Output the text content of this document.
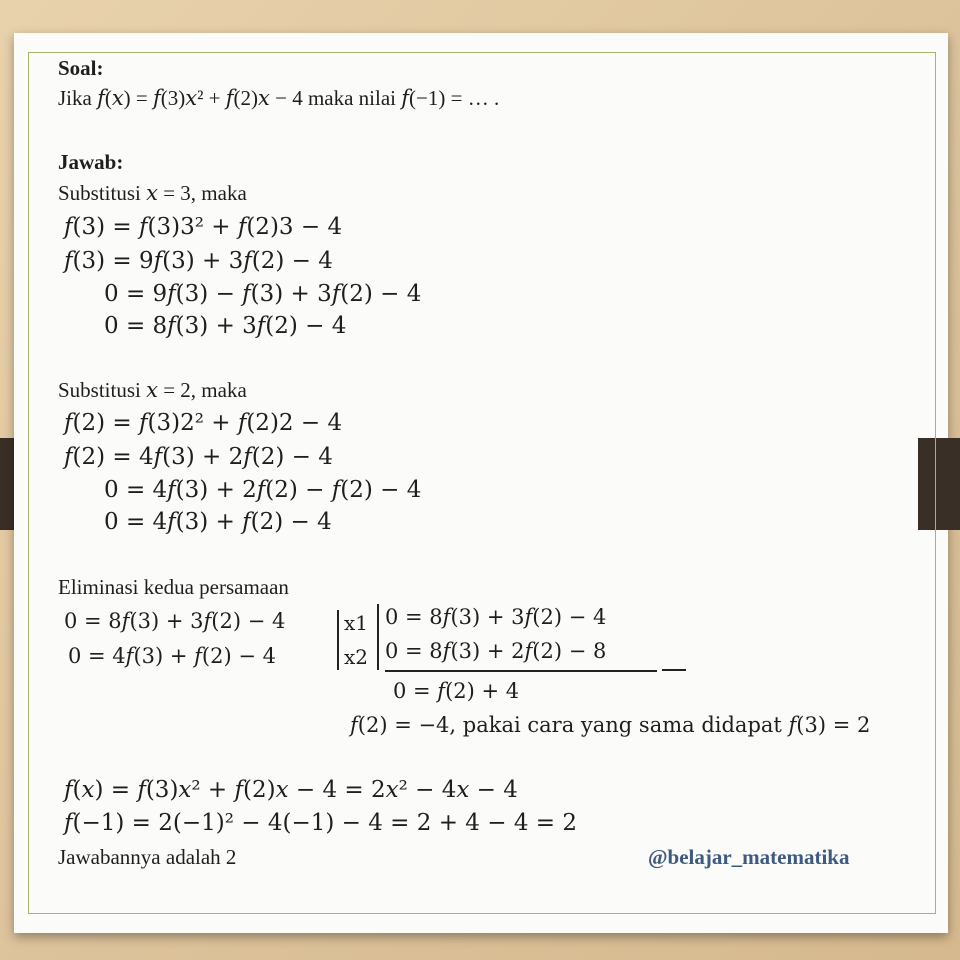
Soal:
Jika 𝑓(𝑥) = 𝑓(3)𝑥² + 𝑓(2)𝑥 − 4 maka nilai 𝑓(−1) = … .
Jawab:
Substitusi 𝑥 = 3, maka
𝑓(3) = 𝑓(3)3² + 𝑓(2)3 − 4
𝑓(3) = 9𝑓(3) + 3𝑓(2) − 4
0 = 9𝑓(3) − 𝑓(3) + 3𝑓(2) − 4
0 = 8𝑓(3) + 3𝑓(2) − 4
Substitusi 𝑥 = 2, maka
𝑓(2) = 𝑓(3)2² + 𝑓(2)2 − 4
𝑓(2) = 4𝑓(3) + 2𝑓(2) − 4
0 = 4𝑓(3) + 2𝑓(2) − 𝑓(2) − 4
0 = 4𝑓(3) + 𝑓(2) − 4
Eliminasi kedua persamaan
0 = 8𝑓(3) + 3𝑓(2) − 4
0 = 4𝑓(3) + 𝑓(2) − 4
x1
x2
0 = 8𝑓(3) + 3𝑓(2) − 4
0 = 8𝑓(3) + 2𝑓(2) − 8
0 = 𝑓(2) + 4
𝑓(2) = −4, pakai cara yang sama didapat 𝑓(3) = 2
𝑓(𝑥) = 𝑓(3)𝑥² + 𝑓(2)𝑥 − 4 = 2𝑥² − 4𝑥 − 4
𝑓(−1) = 2(−1)² − 4(−1) − 4 = 2 + 4 − 4 = 2
Jawabannya adalah 2	@belajar_matematika
